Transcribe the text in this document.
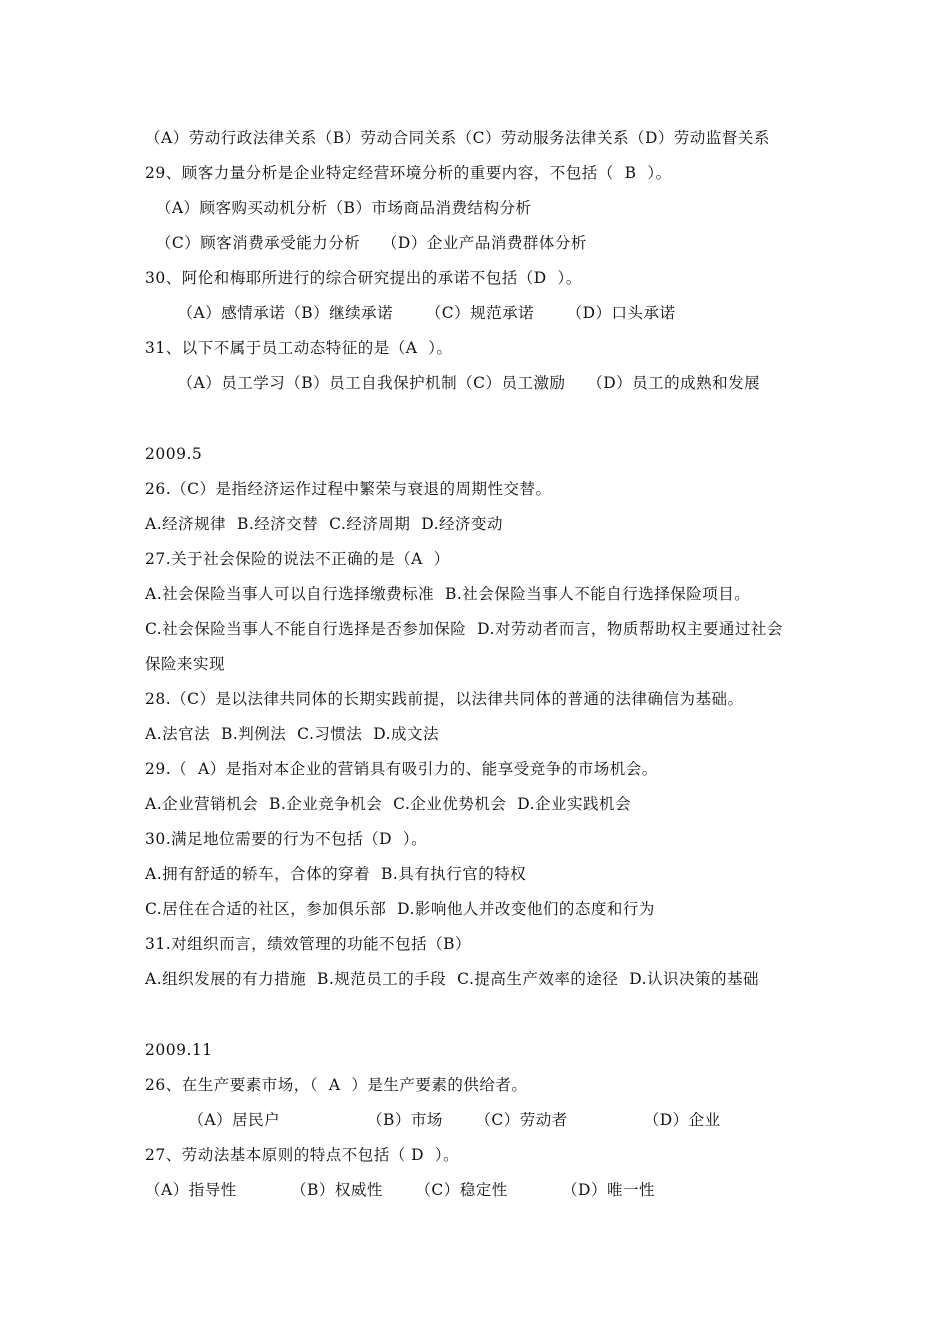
（A）劳动行政法律关系（B）劳动合同关系（C）劳动服务法律关系（D）劳动监督关系
29、顾客力量分析是企业特定经营环境分析的重要内容，不包括（  B  ）。
（A）顾客购买动机分析（B）市场商品消费结构分析
（C）顾客消费承受能力分析    （D）企业产品消费群体分析
30、阿伦和梅耶所进行的综合研究提出的承诺不包括（D  ）。
（A）感情承诺（B）继续承诺      （C）规范承诺      （D）口头承诺
31、以下不属于员工动态特征的是（A  ）。
（A）员工学习（B）员工自我保护机制（C）员工激励    （D）员工的成熟和发展
2009.5
26.（C）是指经济运作过程中繁荣与衰退的周期性交替。
A.经济规律  B.经济交替  C.经济周期  D.经济变动
27.关于社会保险的说法不正确的是（A  ）
A.社会保险当事人可以自行选择缴费标准  B.社会保险当事人不能自行选择保险项目。
C.社会保险当事人不能自行选择是否参加保险  D.对劳动者而言，物质帮助权主要通过社会
保险来实现
28.（C）是以法律共同体的长期实践前提，以法律共同体的普通的法律确信为基础。
A.法官法  B.判例法  C.习惯法  D.成文法
29.（  A）是指对本企业的营销具有吸引力的、能享受竞争的市场机会。
A.企业营销机会  B.企业竞争机会  C.企业优势机会  D.企业实践机会
30.满足地位需要的行为不包括（D  ）。
A.拥有舒适的轿车，合体的穿着  B.具有执行官的特权
C.居住在合适的社区，参加俱乐部  D.影响他人并改变他们的态度和行为
31.对组织而言，绩效管理的功能不包括（B）
A.组织发展的有力措施  B.规范员工的手段  C.提高生产效率的途径  D.认识决策的基础
2009.11
26、在生产要素市场，（  A  ）是生产要素的供给者。
（A）居民户                （B）市场      （C）劳动者              （D）企业
27、劳动法基本原则的特点不包括（ D  ）。
（A）指导性          （B）权威性      （C）稳定性          （D）唯一性
